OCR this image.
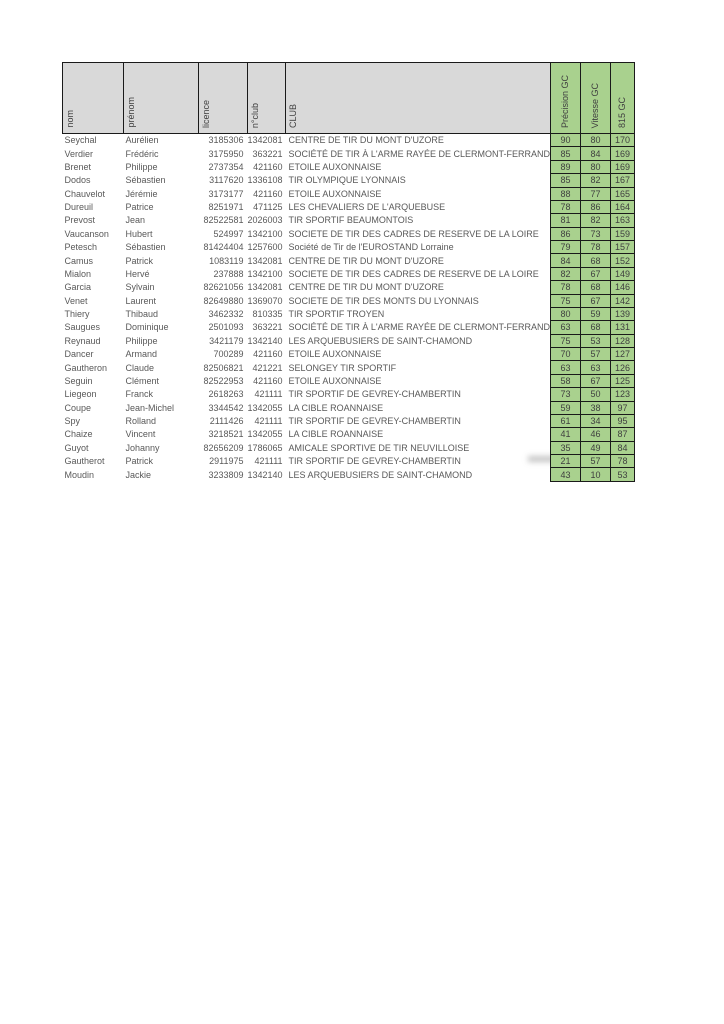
nom	prénom	licence	n°club	CLUB	Précision GC	Vitesse GC	815 GC
Seychal	Aurélien	3185306	1342081	CENTRE DE TIR DU MONT D'UZORE	90	80	170
Verdier	Frédéric	3175950	363221	SOCIÉTÉ DE TIR À L'ARME RAYÉE DE CLERMONT-FERRAND	85	84	169
Brenet	Philippe	2737354	421160	ETOILE AUXONNAISE	89	80	169
Dodos	Sébastien	3117620	1336108	TIR OLYMPIQUE LYONNAIS	85	82	167
Chauvelot	Jérémie	3173177	421160	ETOILE AUXONNAISE	88	77	165
Dureuil	Patrice	8251971	471125	LES CHEVALIERS DE L'ARQUEBUSE	78	86	164
Prevost	Jean	82522581	2026003	TIR SPORTIF BEAUMONTOIS	81	82	163
Vaucanson	Hubert	524997	1342100	SOCIETE DE TIR DES CADRES DE RESERVE DE LA LOIRE	86	73	159
Petesch	Sébastien	81424404	1257600	Société de Tir de l'EUROSTAND Lorraine	79	78	157
Camus	Patrick	1083119	1342081	CENTRE DE TIR DU MONT D'UZORE	84	68	152
Mialon	Hervé	237888	1342100	SOCIETE DE TIR DES CADRES DE RESERVE DE LA LOIRE	82	67	149
Garcia	Sylvain	82621056	1342081	CENTRE DE TIR DU MONT D'UZORE	78	68	146
Venet	Laurent	82649880	1369070	SOCIETE DE TIR DES MONTS DU LYONNAIS	75	67	142
Thiery	Thibaud	3462332	810335	TIR SPORTIF TROYEN	80	59	139
Saugues	Dominique	2501093	363221	SOCIÉTÉ DE TIR À L'ARME RAYÉE DE CLERMONT-FERRAND	63	68	131
Reynaud	Philippe	3421179	1342140	LES ARQUEBUSIERS DE SAINT-CHAMOND	75	53	128
Dancer	Armand	700289	421160	ETOILE AUXONNAISE	70	57	127
Gautheron	Claude	82506821	421221	SELONGEY TIR SPORTIF	63	63	126
Seguin	Clément	82522953	421160	ETOILE AUXONNAISE	58	67	125
Liegeon	Franck	2618263	421111	TIR SPORTIF DE GEVREY-CHAMBERTIN	73	50	123
Coupe	Jean-Michel	3344542	1342055	LA CIBLE ROANNAISE	59	38	97
Spy	Rolland	2111426	421111	TIR SPORTIF DE GEVREY-CHAMBERTIN	61	34	95
Chaize	Vincent	3218521	1342055	LA CIBLE ROANNAISE	41	46	87
Guyot	Johanny	82656209	1786065	AMICALE SPORTIVE DE TIR NEUVILLOISE	35	49	84
Gautherot	Patrick	2911975	421111	TIR SPORTIF DE GEVREY-CHAMBERTIN	21	57	78
Moudin	Jackie	3233809	1342140	LES ARQUEBUSIERS DE SAINT-CHAMOND	43	10	53
